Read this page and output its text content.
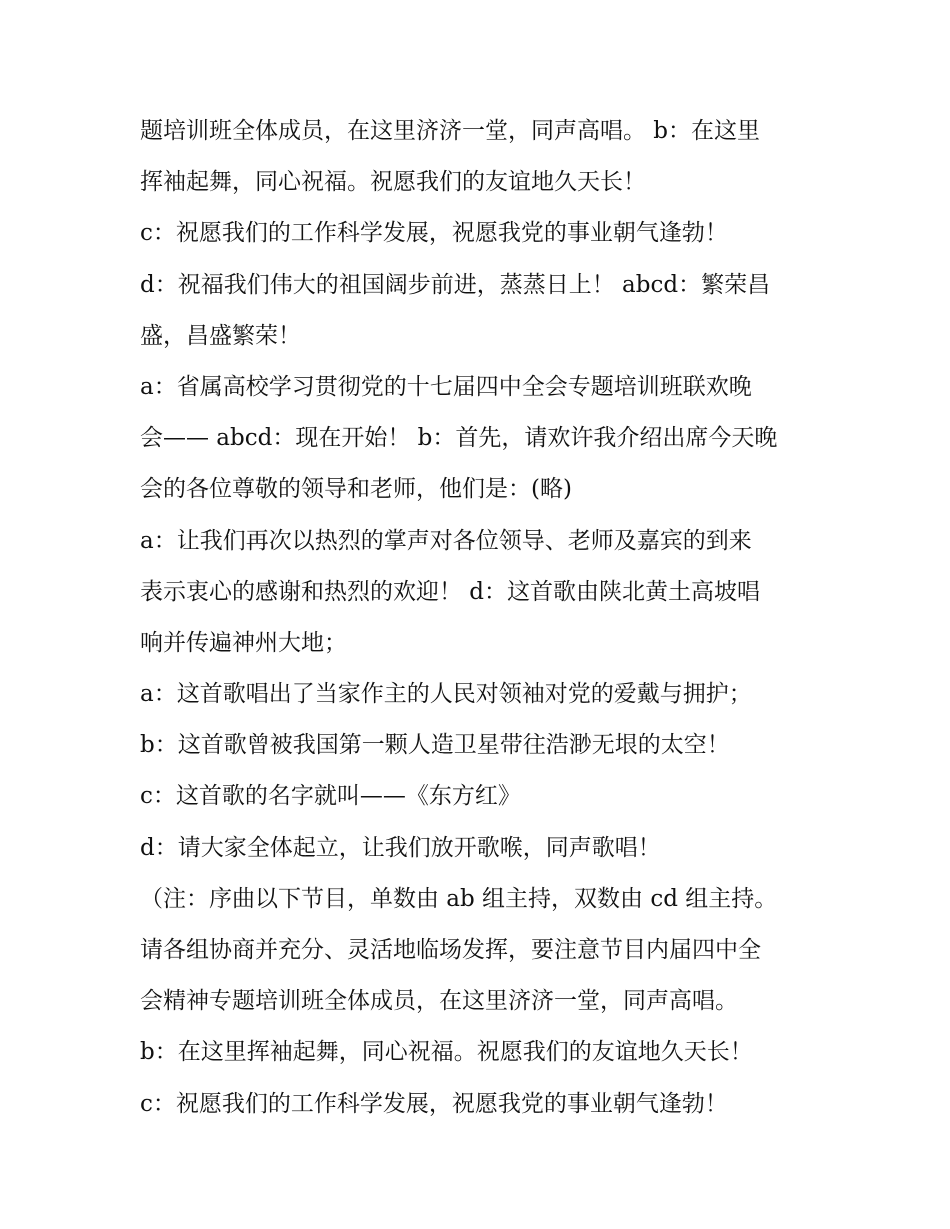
题培训班全体成员，在这里济济一堂，同声高唱。 b：在这里
挥袖起舞，同心祝福。祝愿我们的友谊地久天长！
c：祝愿我们的工作科学发展，祝愿我党的事业朝气逢勃！
d：祝福我们伟大的祖国阔步前进，蒸蒸日上！ abcd：繁荣昌
盛，昌盛繁荣！
a：省属高校学习贯彻党的十七届四中全会专题培训班联欢晚
会—— abcd：现在开始！ b：首先，请欢许我介绍出席今天晚
会的各位尊敬的领导和老师，他们是：(略)
a：让我们再次以热烈的掌声对各位领导、老师及嘉宾的到来
表示衷心的感谢和热烈的欢迎！ d：这首歌由陕北黄土高坡唱
响并传遍神州大地；
a：这首歌唱出了当家作主的人民对领袖对党的爱戴与拥护；
b：这首歌曾被我国第一颗人造卫星带往浩渺无垠的太空！
c：这首歌的名字就叫——《东方红》
d：请大家全体起立，让我们放开歌喉，同声歌唱！
（注：序曲以下节目，单数由 ab 组主持，双数由 cd 组主持。
请各组协商并充分、灵活地临场发挥，要注意节目内届四中全
会精神专题培训班全体成员，在这里济济一堂，同声高唱。
b：在这里挥袖起舞，同心祝福。祝愿我们的友谊地久天长！
c：祝愿我们的工作科学发展，祝愿我党的事业朝气逢勃！
